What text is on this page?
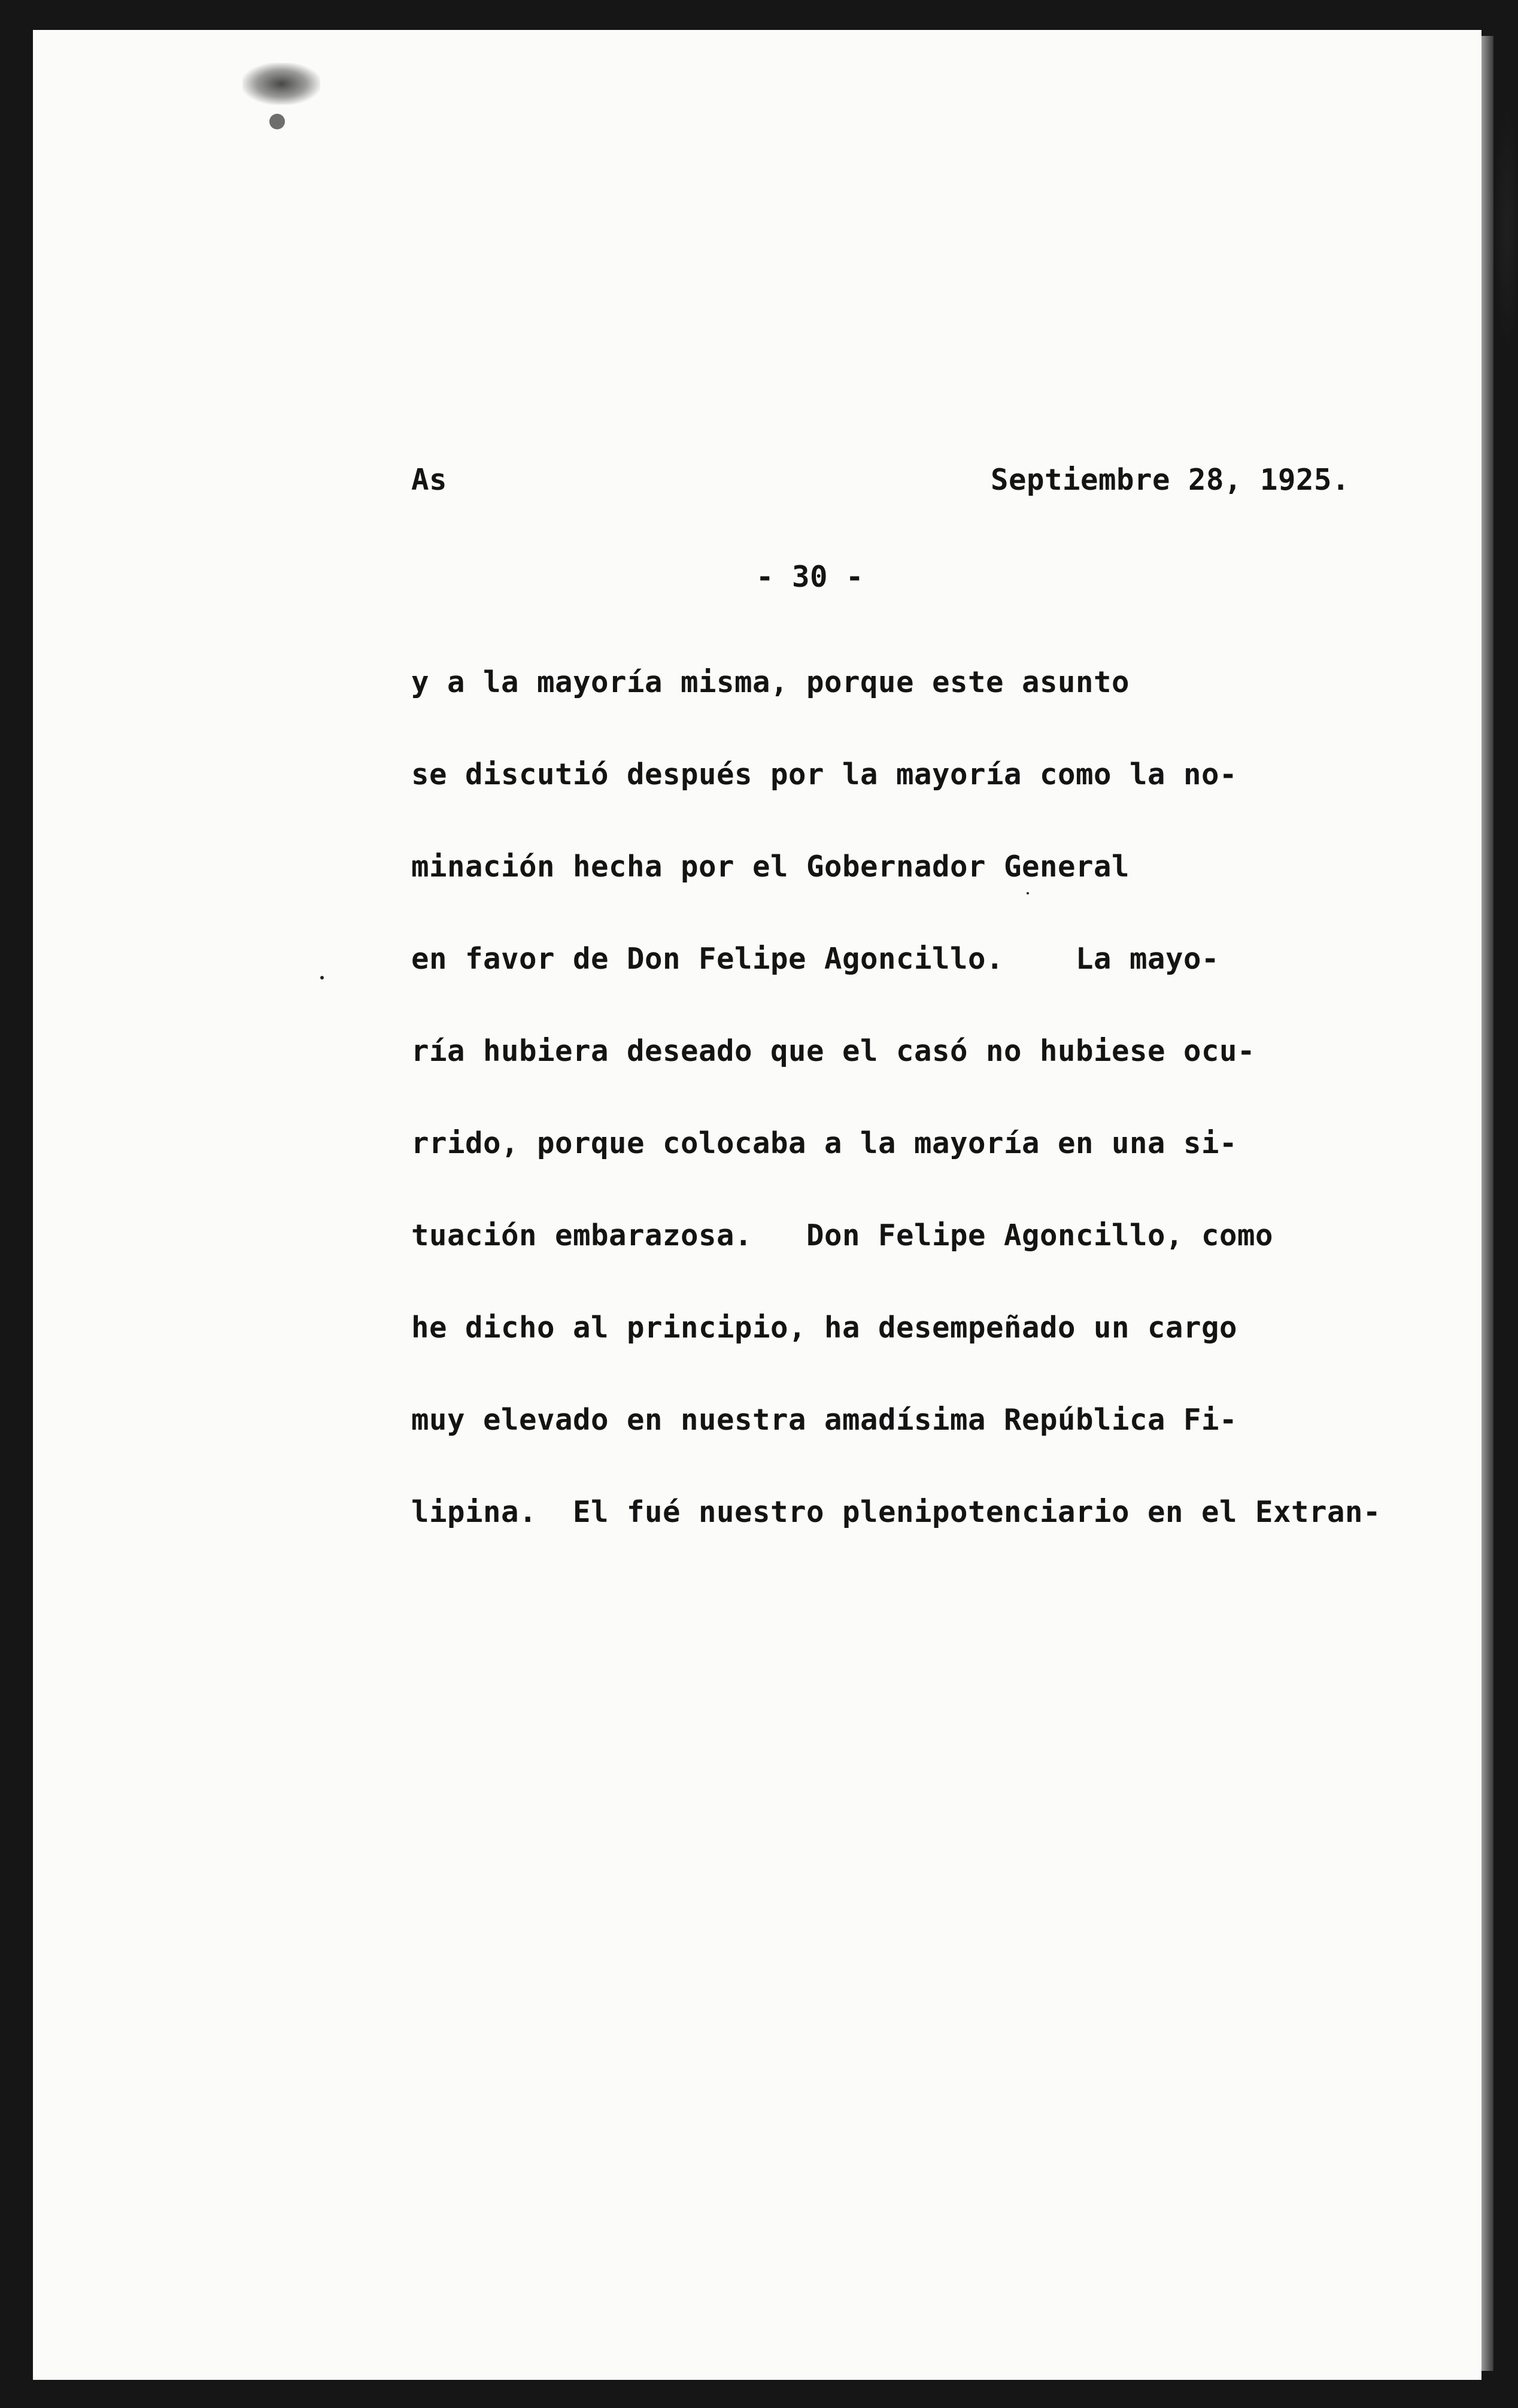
As	Septiembre 28, 1925.
- 30 -
y a la mayoría misma, porque este asunto
se discutió después por la mayoría como la no-
minación hecha por el Gobernador General
en favor de Don Felipe Agoncillo.    La mayo-
ría hubiera deseado que el casó no hubiese ocu-
rrido, porque colocaba a la mayoría en una si-
tuación embarazosa.   Don Felipe Agoncillo, como
he dicho al principio, ha desempeñado un cargo
muy elevado en nuestra amadísima República Fi-
lipina.  El fué nuestro plenipotenciario en el Extran-
